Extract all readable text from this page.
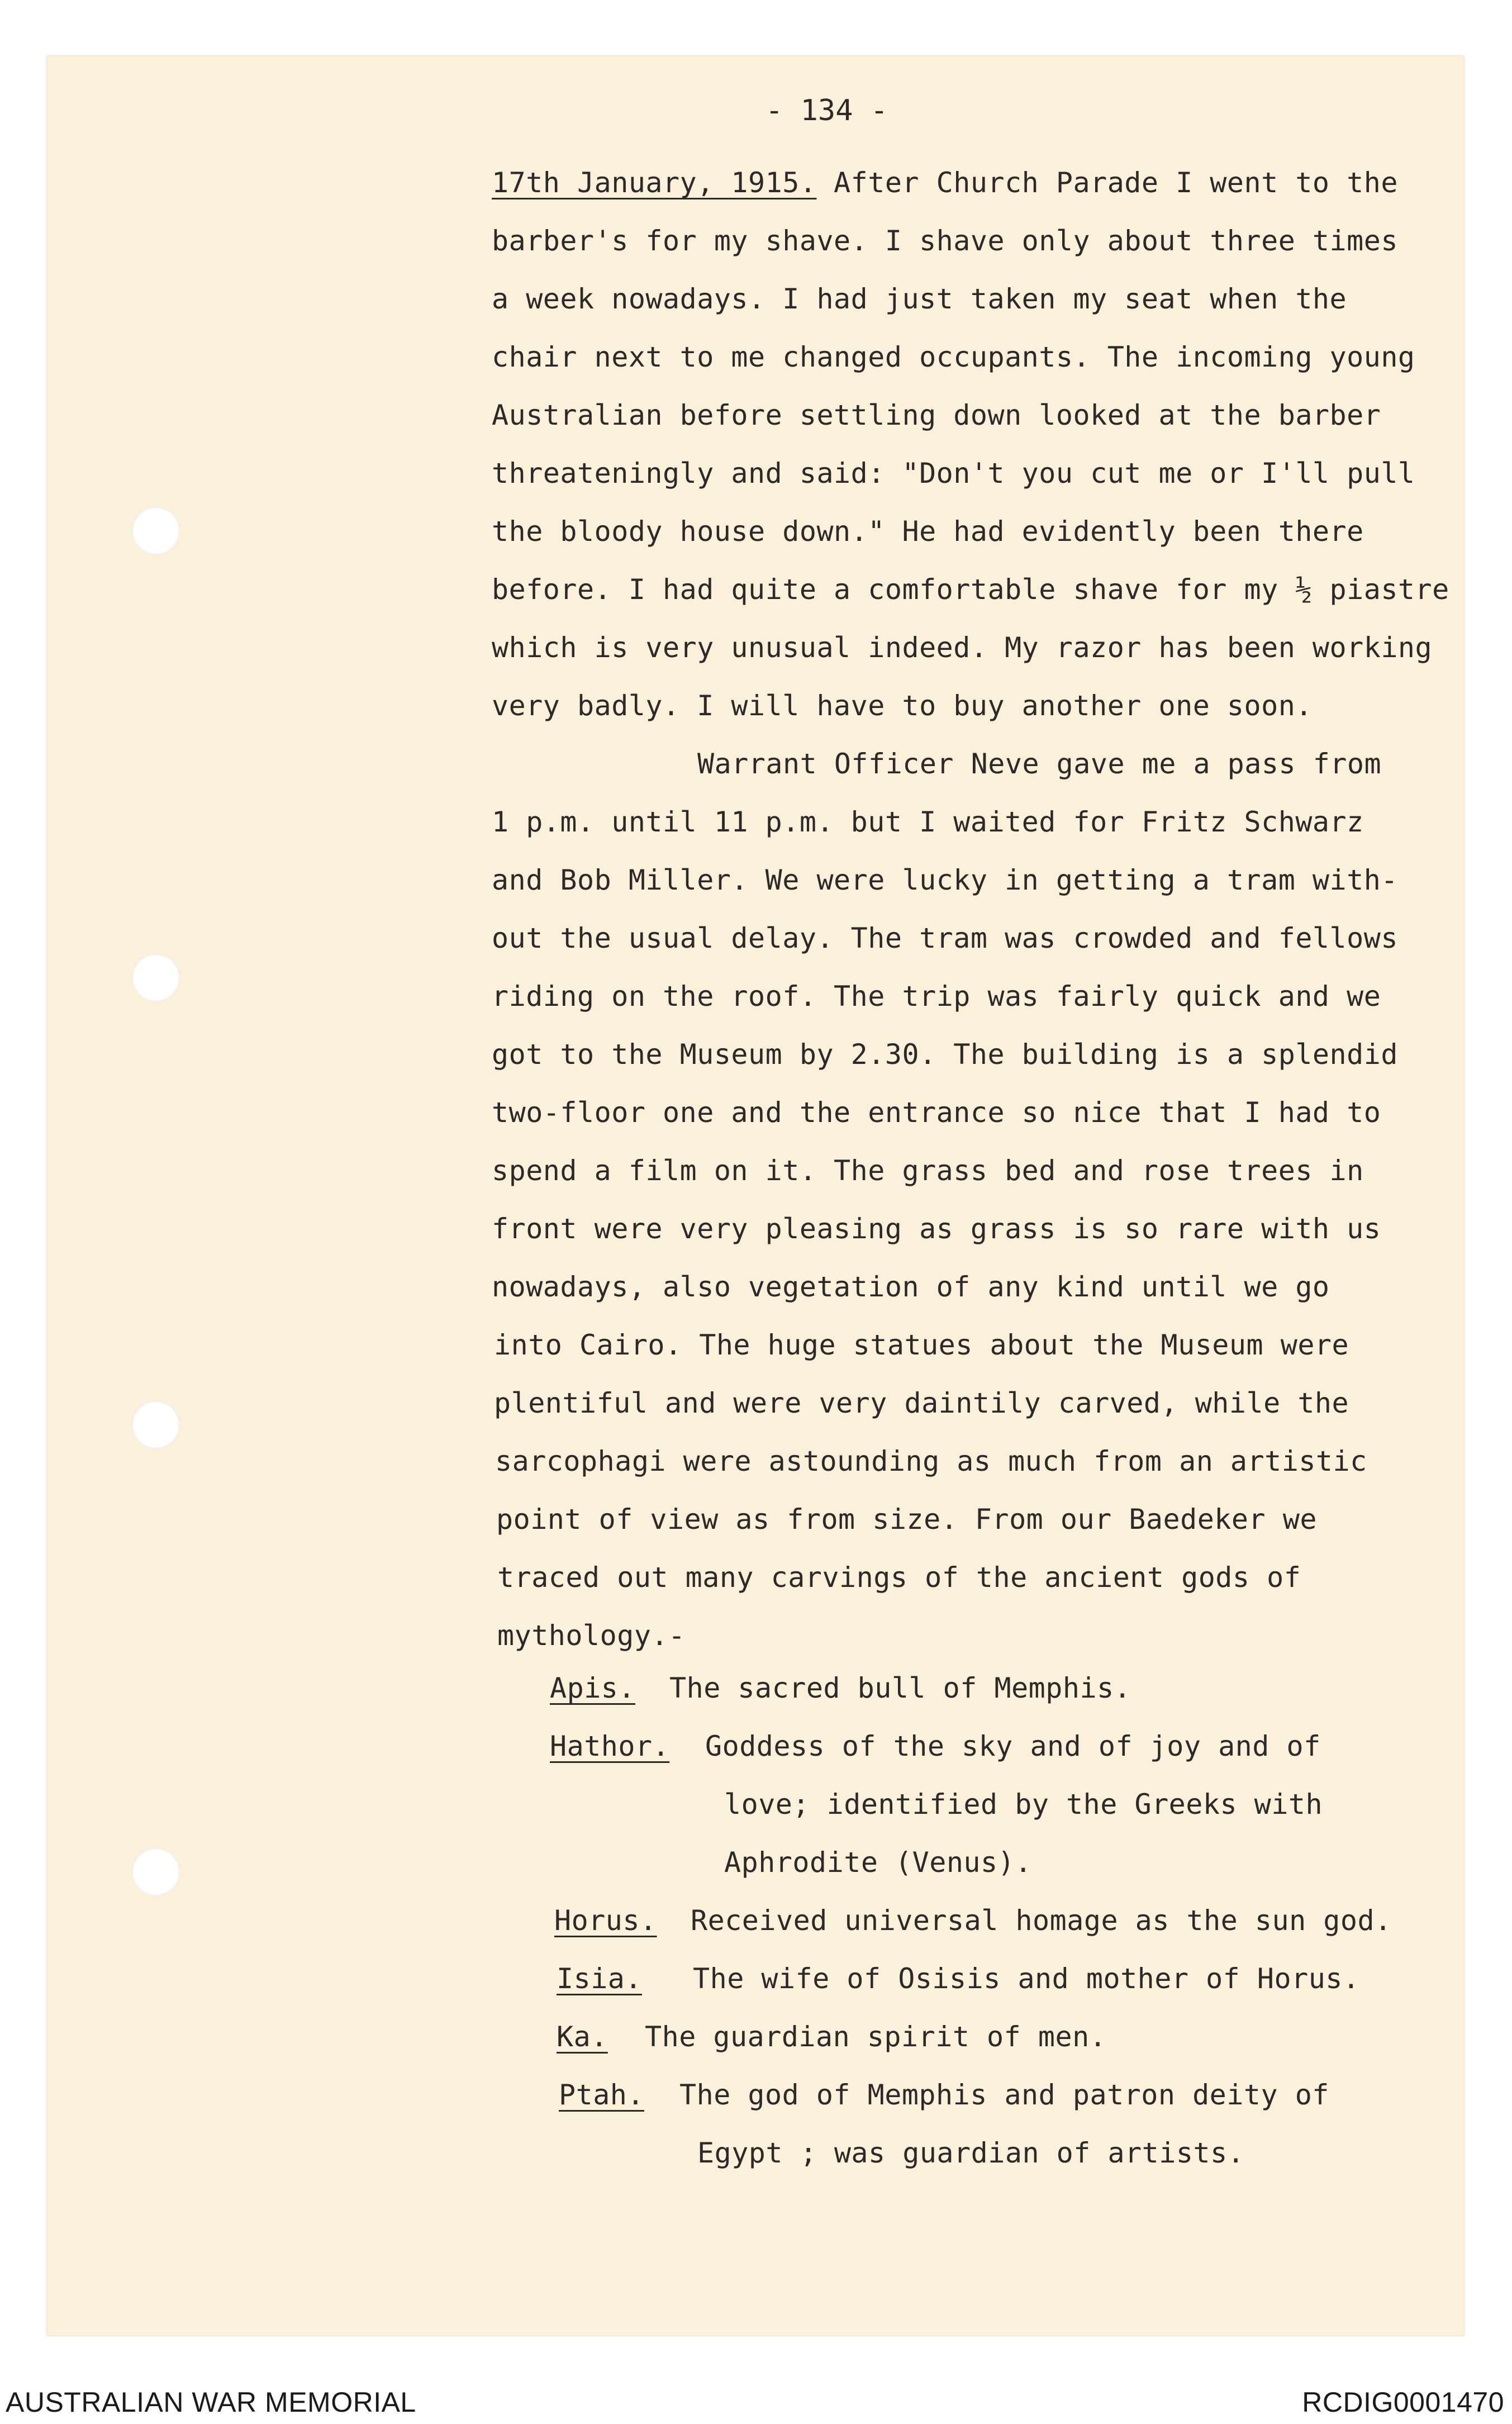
- 134 -
17th January, 1915. After Church Parade I went to the
barber's for my shave. I shave only about three times
a week nowadays. I had just taken my seat when the
chair next to me changed occupants. The incoming young
Australian before settling down looked at the barber
threateningly and said: "Don't you cut me or I'll pull
the bloody house down." He had evidently been there
before. I had quite a comfortable shave for my ½ piastre
which is very unusual indeed. My razor has been working
very badly. I will have to buy another one soon.
Warrant Officer Neve gave me a pass from
1 p.m. until 11 p.m. but I waited for Fritz Schwarz
and Bob Miller. We were lucky in getting a tram with-
out the usual delay. The tram was crowded and fellows
riding on the roof. The trip was fairly quick and we
got to the Museum by 2.30. The building is a splendid
two-floor one and the entrance so nice that I had to
spend a film on it. The grass bed and rose trees in
front were very pleasing as grass is so rare with us
nowadays, also vegetation of any kind until we go
into Cairo. The huge statues about the Museum were
plentiful and were very daintily carved, while the
sarcophagi were astounding as much from an artistic
point of view as from size. From our Baedeker we
traced out many carvings of the ancient gods of
mythology.-
Apis. The sacred bull of Memphis.
Hathor. Goddess of the sky and of joy and of
love; identified by the Greeks with
Aphrodite (Venus).
Horus. Received universal homage as the sun god.
Isia. The wife of Osisis and mother of Horus.
Ka. The guardian spirit of men.
Ptah. The god of Memphis and patron deity of
Egypt ; was guardian of artists.
AUSTRALIAN WAR MEMORIAL	RCDIG0001470
